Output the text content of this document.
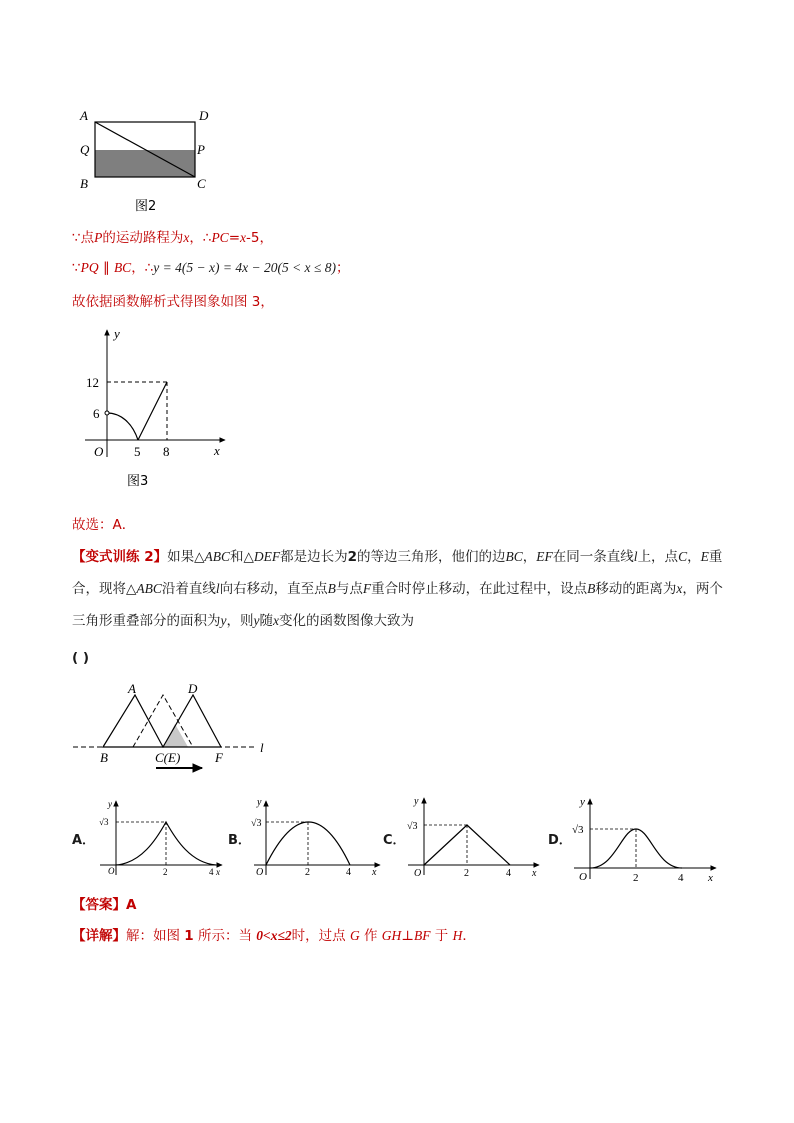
A	D
Q	P
B	C
图2
∵点P的运动路程为x，∴PC=x-5，
∵PQ ∥ BC，∴y = 4(5 − x) = 4x − 20(5 < x ≤ 8)；
故依据函数解析式得图象如图 3，
y
x
O
6
12
5 8
图3
故选：A．
【变式训练 2】如果△ABC和△DEF都是边长为2的等边三角形，他们的边BC，EF在同一条直线l上，点C，E重合，现将△ABC沿着直线l向右移动，直至点B与点F重合时停止移动，在此过程中，设点B移动的距离为x，两个三角形重叠部分的面积为y，则y随x变化的函数图像大致为
( )
A	D
B	C(E)	F
l
A．
y
x
O
√3
2	4
B．
y
x
O
√3
2	4
C．
y
x
O
√3
2	4
D．
y
x
O
√3
2	4
【答案】A
【详解】解：如图 1 所示：当 0<x≤2时，过点 G 作 GH⊥BF 于 H．
